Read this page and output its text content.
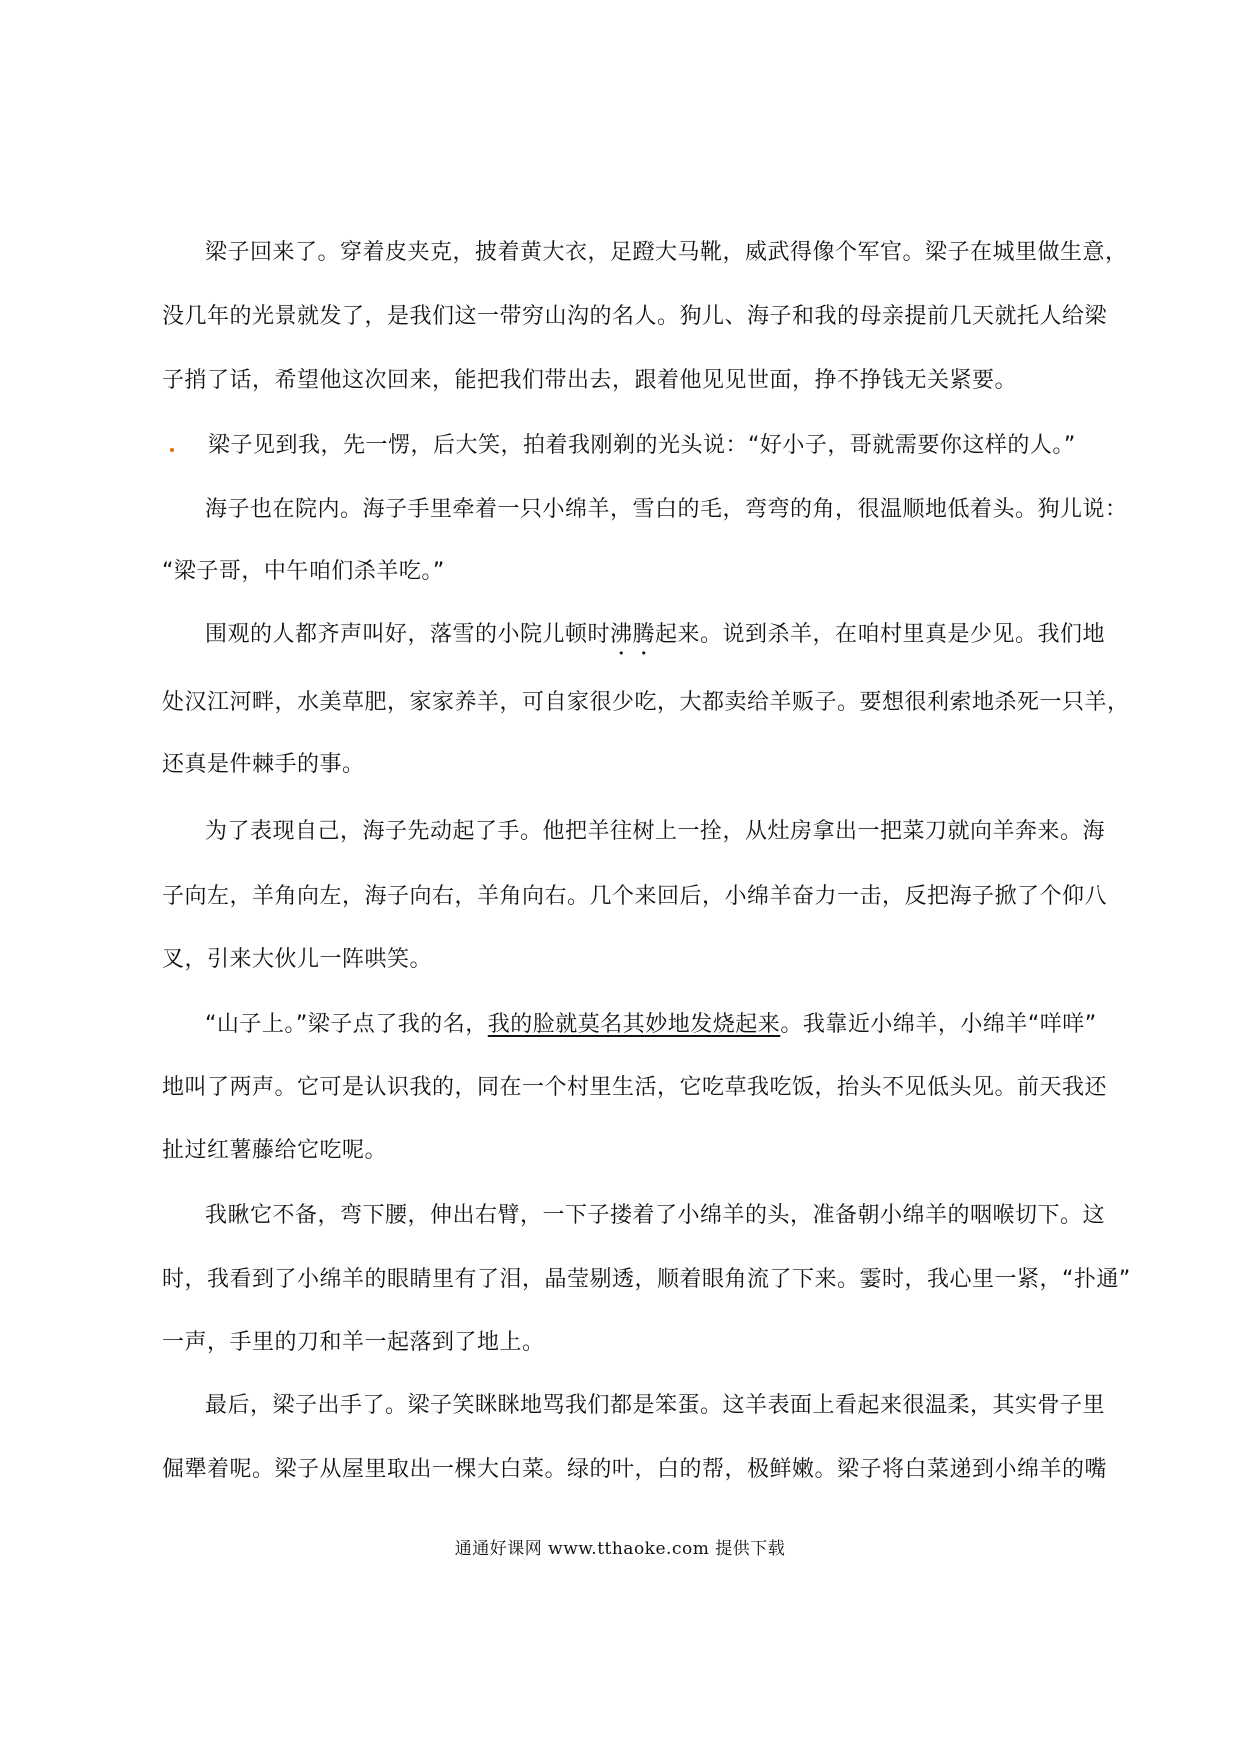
梁子回来了。穿着皮夹克，披着黄大衣，足蹬大马靴，威武得像个军官。梁子在城里做生意，
没几年的光景就发了，是我们这一带穷山沟的名人。狗儿、海子和我的母亲提前几天就托人给梁
子捎了话，希望他这次回来，能把我们带出去，跟着他见见世面，挣不挣钱无关紧要。
梁子见到我，先一愣，后大笑，拍着我刚剃的光头说：“好小子，哥就需要你这样的人。”
海子也在院内。海子手里牵着一只小绵羊，雪白的毛，弯弯的角，很温顺地低着头。狗儿说：
“梁子哥，中午咱们杀羊吃。”
围观的人都齐声叫好，落雪的小院儿顿时沸腾起来。说到杀羊，在咱村里真是少见。我们地
处汉江河畔，水美草肥，家家养羊，可自家很少吃，大都卖给羊贩子。要想很利索地杀死一只羊，
还真是件棘手的事。
为了表现自己，海子先动起了手。他把羊往树上一拴，从灶房拿出一把菜刀就向羊奔来。海
子向左，羊角向左，海子向右，羊角向右。几个来回后，小绵羊奋力一击，反把海子掀了个仰八
叉，引来大伙儿一阵哄笑。
“山子上。”梁子点了我的名，我的脸就莫名其妙地发烧起来。我靠近小绵羊，小绵羊“咩咩”
地叫了两声。它可是认识我的，同在一个村里生活，它吃草我吃饭，抬头不见低头见。前天我还
扯过红薯藤给它吃呢。
我瞅它不备，弯下腰，伸出右臂，一下子搂着了小绵羊的头，准备朝小绵羊的咽喉切下。这
时，我看到了小绵羊的眼睛里有了泪，晶莹剔透，顺着眼角流了下来。霎时，我心里一紧，“扑通”
一声，手里的刀和羊一起落到了地上。
最后，梁子出手了。梁子笑眯眯地骂我们都是笨蛋。这羊表面上看起来很温柔，其实骨子里
倔犟着呢。梁子从屋里取出一棵大白菜。绿的叶，白的帮，极鲜嫩。梁子将白菜递到小绵羊的嘴
通通好课网 www.tthaoke.com 提供下载
